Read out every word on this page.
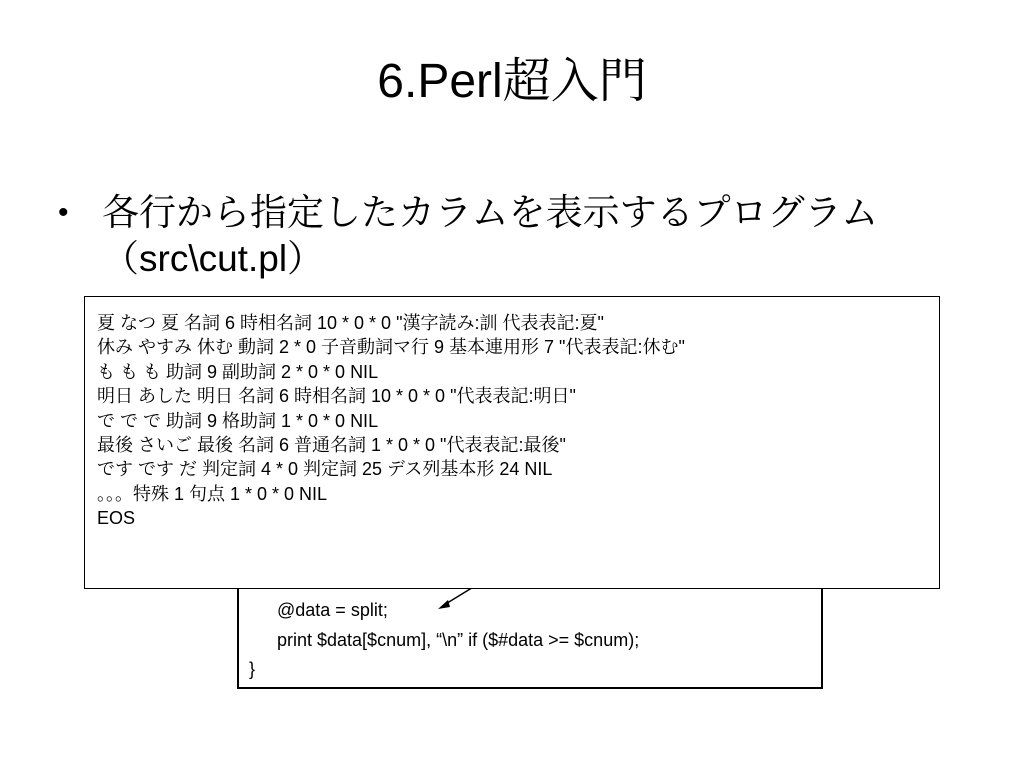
6.Perl超入門
• 各行から指定したカラムを表示するプログラム
（src\cut.pl）
@data = split;
print $data[$cnum], “\n” if ($#data >= $cnum);
}
夏 なつ 夏 名詞 6 時相名詞 10 * 0 * 0 "漢字読み:訓 代表表記:夏"
休み やすみ 休む 動詞 2 * 0 子音動詞マ行 9 基本連用形 7 "代表表記:休む"
も も も 助詞 9 副助詞 2 * 0 * 0 NIL
明日 あした 明日 名詞 6 時相名詞 10 * 0 * 0 "代表表記:明日"
で で で 助詞 9 格助詞 1 * 0 * 0 NIL
最後 さいご 最後 名詞 6 普通名詞 1 * 0 * 0 "代表表記:最後"
です です だ 判定詞 4 * 0 判定詞 25 デス列基本形 24 NIL
。。。特殊 1 句点 1 * 0 * 0 NIL
EOS
